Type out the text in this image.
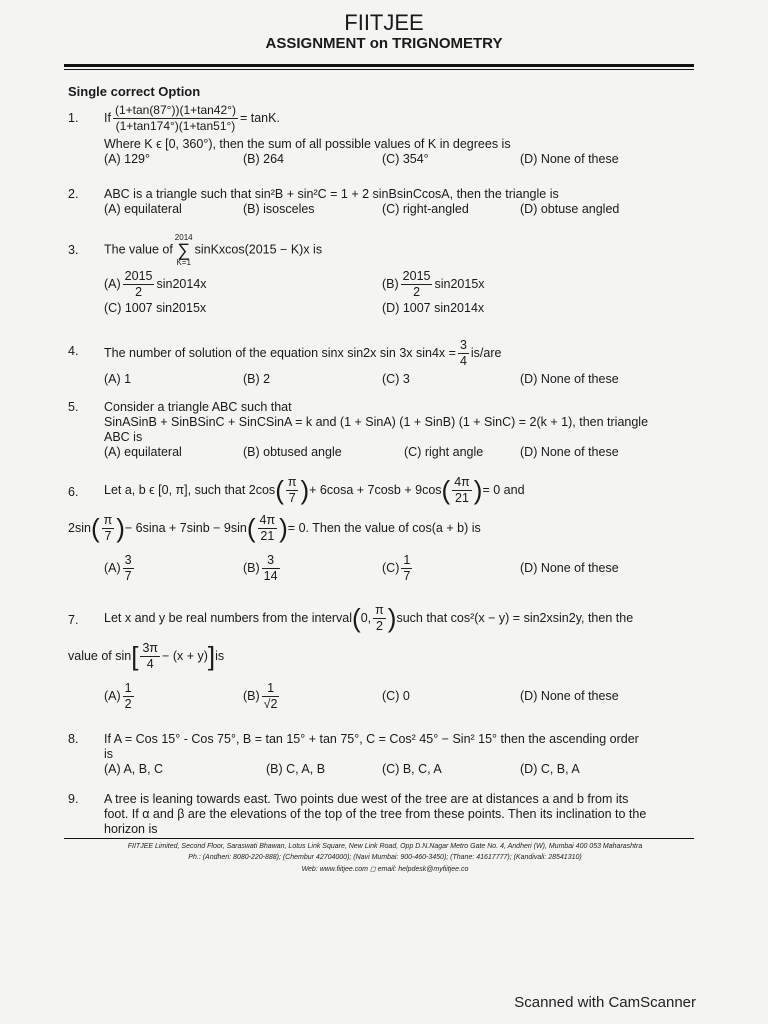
FIITJEE
ASSIGNMENT on TRIGNOMETRY
Single correct Option
1. If $\frac{(1+\tan(87^\circ))(1+\tan 42^\circ)}{(1+\tan 174^\circ)(1+\tan 51^\circ)} = \tan K$.
Where K ϵ [0, 360°), then the sum of all possible values of K in degrees is
(A) 129°	(B) 264	(C) 354°	(D) None of these
2. ABC is a triangle such that sin²B + sin²C = 1 + 2 sinBsinCcosA, then the triangle is
(A) equilateral	(B) isosceles	(C) right-angled	(D) obtuse angled
3. The value of2014
∑
K=1sinKxcos(2015 − K)x is
$(A) \frac{2015}{2} \sin 2014x$	$(B) \frac{2015}{2} \sin 2015x$
(C) 1007 sin2015x	(D) 1007 sin2014x
4. The number of solution of the equation sinx sin2x sin 3x $\sin 4x = \frac{3}{4} is/are$
(A) 1	(B) 2	(C) 3	(D) None of these
5. Consider a triangle ABC such that
SinASinB + SinBSinC + SinCSinA = k and (1 + SinA) (1 + SinB) (1 + SinC) = 2(k + 1), then triangle
ABC is
(A) equilateral	(B) obtused angle	(C) right angle	(D) None of these
6. Let a, b ϵ [0, π], such that $2\cos( \frac{\pi}{7}$ )+ $6\cos a + 7\cos b + 9\cos( \frac{4\pi}{21}$ )= 0 and
$2\sin( \frac{\pi}{7}$ )− $6\sin a + 7\sin b - 9\sin( \frac{4\pi}{21}$ )= 0. Then the value of cos(a + b) is
$(A) \frac{3}{7}$	$(B) \frac{3}{14}$	$(C) \frac{1}{7}$	(D) None of these
7. Let x and y be real numbers from the interval(0, $\frac{\pi}{2}$ )such that cos²(x − y) = sin2xsin2y, then the
value of $\sin[ \frac{3\pi}{4} - (x + y)]is$
$(A) \frac{1}{2}$	$(B) \frac{1}{√2}$	(C) 0	(D) None of these
8. If A = Cos 15° - Cos 75°, B = tan 15° + tan 75°, C = Cos² 45° − Sin² 15° then the ascending order
is
(A) A, B, C	(B) C, A, B	(C) B, C, A	(D) C, B, A
9. A tree is leaning towards east. Two points due west of the tree are at distances a and b from its
foot. If α and β are the elevations of the top of the tree from these points. Then its inclination to the
horizon is
FIITJEE Limited, Second Floor, Saraswati Bhawan, Lotus Link Square, New Link Road, Opp D.N.Nagar Metro Gate No. 4, Andheri (W), Mumbai 400 053 Maharashtra
Ph.: (Andheri: 8080-220-888); (Chembur 42704000); (Navi Mumbai: 900-460-3450); (Thane: 41617777); (Kandivali: 28541310)
Web: www.fiitjee.com ◻ email: helpdesk@myfiitjee.co
Scanned with CamScanner
